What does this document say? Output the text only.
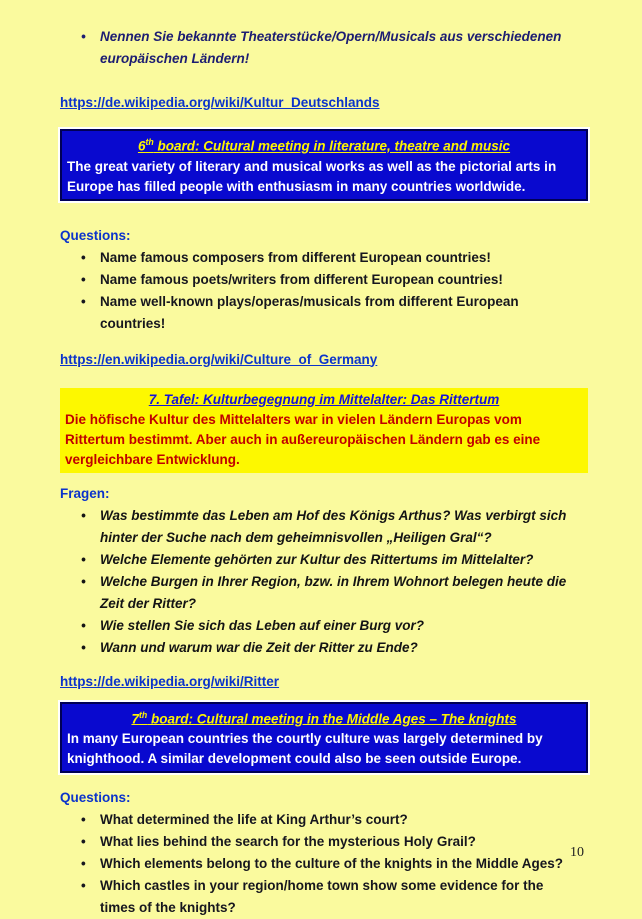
• Nennen Sie bekannte Theaterstücke/Opern/Musicals aus verschiedenen europäischen Ländern!

https://de.wikipedia.org/wiki/Kultur_Deutschlands

6th board: Cultural meeting in literature, theatre and music
The great variety of literary and musical works as well as the pictorial arts in Europe has filled people with enthusiasm in many countries worldwide.

Questions:

• Name famous composers from different European countries!
• Name famous poets/writers from different European countries!
• Name well-known plays/operas/musicals from different European countries!

https://en.wikipedia.org/wiki/Culture_of_Germany

7. Tafel: Kulturbegegnung im Mittelalter: Das Rittertum
Die höfische Kultur des Mittelalters war in vielen Ländern Europas vom Rittertum bestimmt. Aber auch in außereuropäischen Ländern gab es eine vergleichbare Entwicklung.

Fragen:

• Was bestimmte das Leben am Hof des Königs Arthus? Was verbirgt sich hinter der Suche nach dem geheimnisvollen „Heiligen Gral“?
• Welche Elemente gehörten zur Kultur des Rittertums im Mittelalter?
• Welche Burgen in Ihrer Region, bzw. in Ihrem Wohnort belegen heute die Zeit der Ritter?
• Wie stellen Sie sich das Leben auf einer Burg vor?
• Wann und warum war die Zeit der Ritter zu Ende?

https://de.wikipedia.org/wiki/Ritter

7th board: Cultural meeting in the Middle Ages – The knights
In many European countries the courtly culture was largely determined by knighthood. A similar development could also be seen outside Europe.

Questions:

• What determined the life at King Arthur’s court?
• What lies behind the search for the mysterious Holy Grail?
• Which elements belong to the culture of the knights in the Middle Ages?
• Which castles in your region/home town show some evidence for the times of the knights?
10
